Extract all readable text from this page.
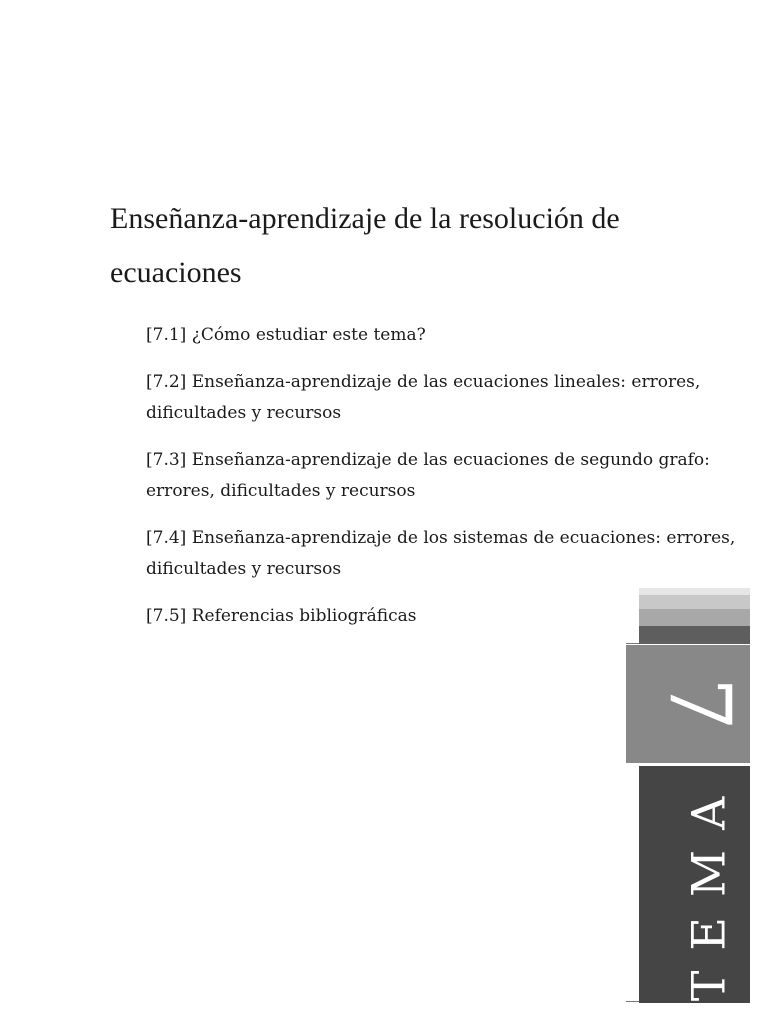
Enseñanza-aprendizaje de la resolución de ecuaciones
[7.1] ¿Cómo estudiar este tema?
[7.2] Enseñanza-aprendizaje de las ecuaciones lineales: errores, dificultades y recursos
[7.3] Enseñanza-aprendizaje de las ecuaciones de segundo grafo: errores, dificultades y recursos
[7.4] Enseñanza-aprendizaje de los sistemas de ecuaciones: errores, dificultades y recursos
[7.5] Referencias bibliográficas
7
TEMA
